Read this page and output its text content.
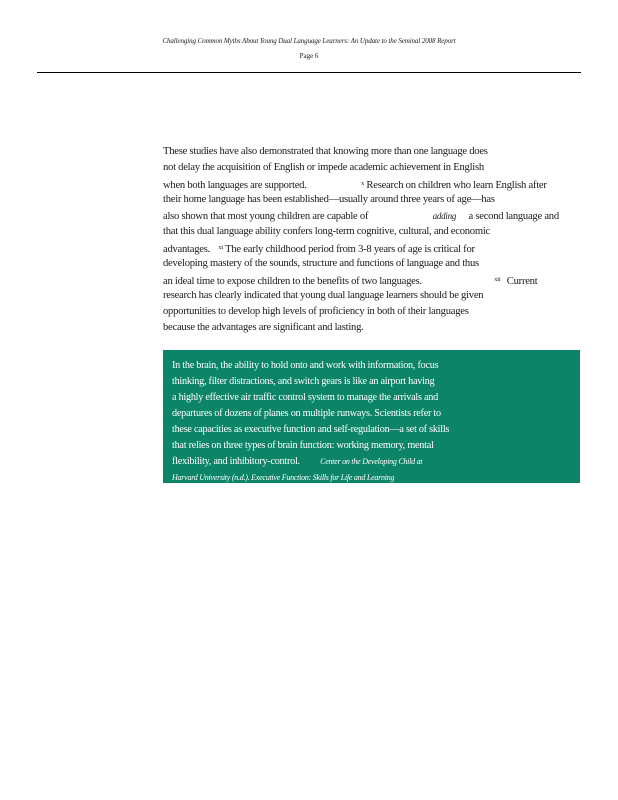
Challenging Common Myths About Young Dual Language Learners: An Update to the Seminal 2008 Report
Page 6
These studies have also demonstrated that knowing more than one language does
not delay the acquisition of English or impede academic achievement in English
when both languages are supported.	$^x$ Research on children who learn English after
their home language has been established—usually around three years of age—has
also shown that most young children are capable of	adding a second language and
that this dual language ability confers long-term cognitive, cultural, and economic
advantages. $^{xi}$ The early childhood period from 3-8 years of age is critical for
developing mastery of the sounds, structure and functions of language and thus
an ideal time to expose children to the benefits of two languages.	$^{xii}$ Current
research has clearly indicated that young dual language learners should be given
opportunities to develop high levels of proficiency in both of their languages
because the advantages are significant and lasting.
In the brain, the ability to hold onto and work with information, focus
thinking, filter distractions, and switch gears is like an airport having
a highly effective air traffic control system to manage the arrivals and
departures of dozens of planes on multiple runways. Scientists refer to
these capacities as executive function and self-regulation—a set of skills
that relies on three types of brain function: working memory, mental
flexibility, and inhibitory-control.	Center on the Developing Child at
Harvard University (n.d.). Executive Function: Skills for Life and Learning
